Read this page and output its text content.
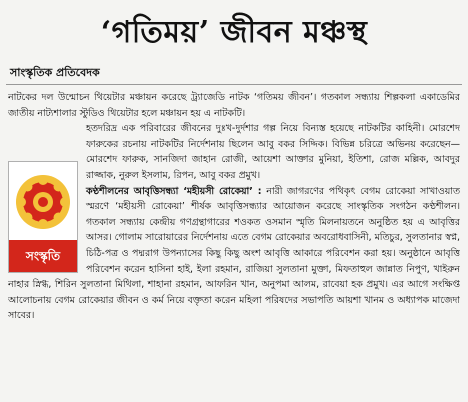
‘গতিময়’ জীবন মঞ্চস্থ
সাংস্কৃতিক প্রতিবেদক

নাটকের দল উন্মোচন থিয়েটার মঞ্চায়ন করেছে ট্র্যাজেডি নাটক ‘গতিময় জীবন’। গতকাল সন্ধ্যায় শিল্পকলা একাডেমির জাতীয় নাট্যশালার স্টুডিও থিয়েটার হলে মঞ্চায়ন হয় এ নাটকটি।

সংস্কৃতি

হতদরিদ্র এক পরিবারের জীবনের দুঃখ-দুর্দশার গল্প নিয়ে বিন্যস্ত হয়েছে নাটকটির কাহিনী। মোরশেদ ফারুকের রচনায় নাটকটির নির্দেশনায় ছিলেন আবু বকর সিদ্দিক। বিভিন্ন চরিত্রে অভিনয় করেছেন— মোরশেদ ফারুক, সানজিদা জাহান রোজী, আয়েশা আক্তার মুনিয়া, ইতিশা, রোজ মল্লিক, আবদুর রাজ্জাক, নুরুল ইসলাম, রিপন, আবু বকর প্রমুখ।

কণ্ঠশীলনের আবৃত্তিসন্ধ্যা ‘মহীয়সী রোকেয়া’ : নারী জাগরণের পথিকৃৎ বেগম রোকেয়া সাখাওয়াত স্মরণে ‘মহীয়সী রোকেয়া’ শীর্ষক আবৃত্তিসন্ধ্যার আয়োজন করেছে সাংস্কৃতিক সংগঠন কণ্ঠশীলন। গতকাল সন্ধ্যায় কেন্দ্রীয় গণগ্রন্থাগারের শওকত ওসমান স্মৃতি মিলনায়তনে অনুষ্ঠিত হয় এ আবৃত্তির আসর। গোলাম সারোয়ারের নির্দেশনায় এতে বেগম রোকেয়ার অবরোধবাসিনী, মতিচুর, সুলতানার স্বপ্ন, চিঠি-পত্র ও পদ্মরাগ উপন্যাসের কিছু কিছু অংশ আবৃত্তি আকারে পরিবেশন করা হয়। অনুষ্ঠানে আবৃত্তি পরিবেশন করেন হাসিনা হাই, ইলা রহমান, রাজিয়া সুলতানা মুক্তা, মিফতাহুল জান্নাত নিপুণ, খাইরুন নাহার স্নিগ্ধ, শিরিন সুলতানা মিথিলা, শাহানা রহমান, আফরিন খান, অনুপমা আলম, রাবেয়া হক প্রমুখ। এর আগে সংক্ষিপ্ত আলোচনায় বেগম রোকেয়ার জীবন ও কর্ম নিয়ে বক্তৃতা করেন মহিলা পরিষদের সভাপতি আয়শা খানম ও অধ্যাপক মাজেদা সাবের।
